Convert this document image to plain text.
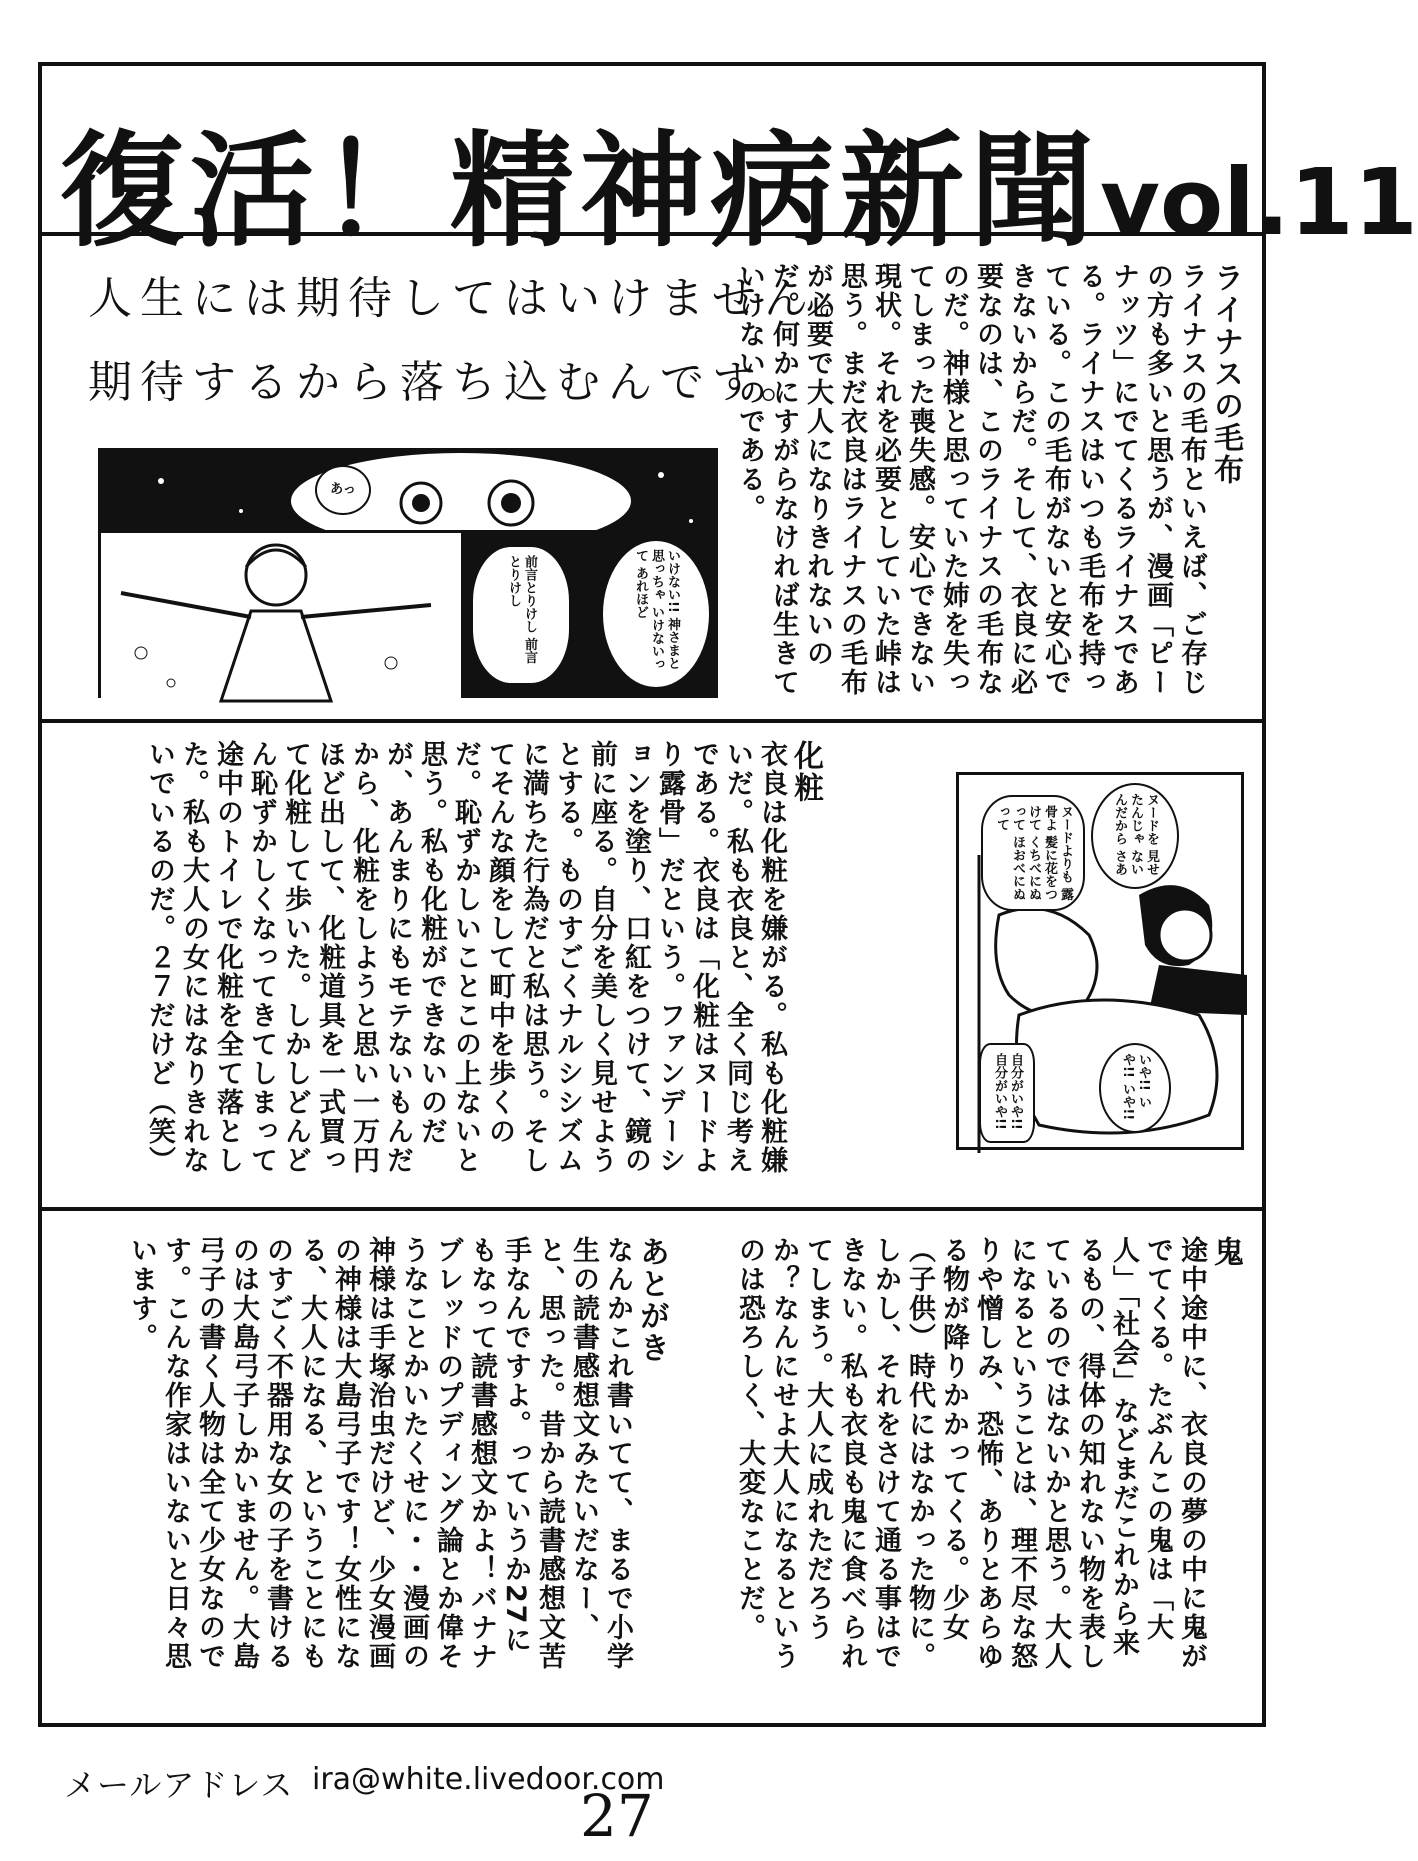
復活！精神病新聞vol.11
人生には期待してはいけません。
期待するから落ち込むんです。
あっ
前言とりけし 前言とりけし	いけない!! 神さまと 思っちゃ いけないって あれほど

ライナスの毛布

ライナスの毛布といえば、ご存じの方も多いと思うが、漫画「ピーナッツ」にでてくるライナスである。ライナスはいつも毛布を持っている。この毛布がないと安心できないからだ。そして、衣良に必要なのは、このライナスの毛布なのだ。神様と思っていた姉を失ってしまった喪失感。安心できない現状。それを必要としていた峠は思う。まだ衣良はライナスの毛布が必要で大人になりきれないのだ。何かにすがらなければ生きていけないのである。

化粧

衣良は化粧を嫌がる。私も化粧嫌いだ。私も衣良と、全く同じ考えである。衣良は「化粧はヌードより露骨」だという。ファンデーションを塗り、口紅をつけて、鏡の前に座る。自分を美しく見せようとする。ものすごくナルシシズムに満ちた行為だと私は思う。そしてそんな顔をして町中を歩くのだ。恥ずかしいことこの上ないと思う。私も化粧ができないのだが、あんまりにもモテないもんだから、化粧をしようと思い一万円ほど出して、化粧道具を一式買って化粧して歩いた。しかしどんどん恥ずかしくなってきてしまって途中のトイレで化粧を全て落とした。私も大人の女にはなりきれないでいるのだ。２７だけど（笑）	ヌードを 見せたんじゃ ないんだから さあ
ヌードよりも 露骨よ 髪に花をつけて くちべにぬって ほおべにぬって
自分がいや!! 自分がいや!!	いや!! いや!! いや!!

鬼

途中途中に、衣良の夢の中に鬼がでてくる。たぶんこの鬼は「大人」「社会」などまだこれから来るもの、得体の知れない物を表しているのではないかと思う。大人になるということは、理不尽な怒りや憎しみ、恐怖、ありとあらゆる物が降りかかってくる。少女（子供）時代にはなかった物に。しかし、それをさけて通る事はできない。私も衣良も鬼に食べられてしまう。大人に成れただろうか？なんにせよ大人になるというのは恐ろしく、大変なことだ。

あとがき

なんかこれ書いてて、まるで小学生の読書感想文みたいだなー、と、思った。昔から読書感想文苦手なんですよ。っていうか27にもなって読書感想文かよ！バナナブレッドのプディング論とか偉そうなことかいたくせに・・漫画の神様は手塚治虫だけど、少女漫画の神様は大島弓子です！女性になる、大人になる、ということにものすごく不器用な女の子を書けるのは大島弓子しかいません。大島弓子の書く人物は全て少女なのです。こんな作家はいないと日々思います。

メールアドレス ira@white.livedoor.com
27
